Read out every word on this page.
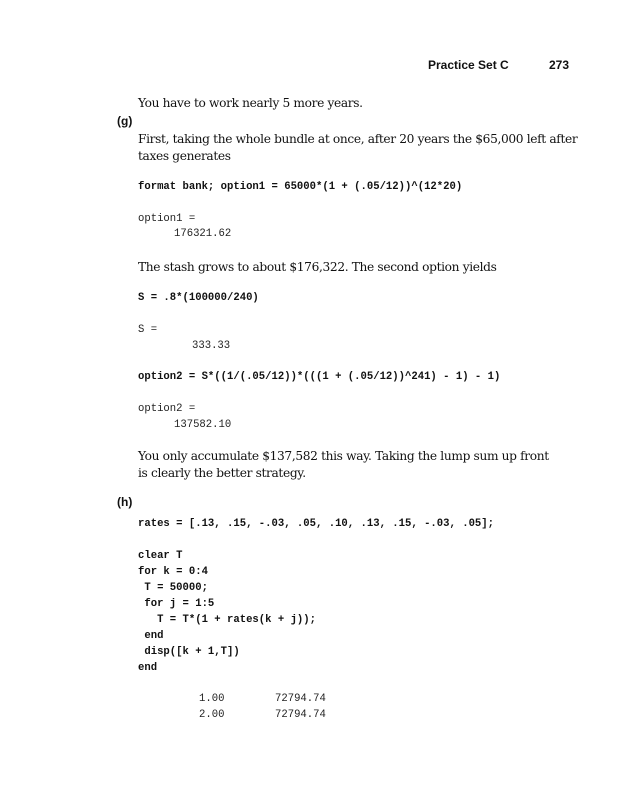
Practice Set C	273
You have to work nearly 5 more years.
(g)
First, taking the whole bundle at once, after 20 years the $65,000 left after
taxes generates
format bank; option1 = 65000*(1 + (.05/12))^(12*20)
option1 =
176321.62
The stash grows to about $176,322. The second option yields
S = .8*(100000/240)
S =
333.33
option2 = S*((1/(.05/12))*(((1 + (.05/12))^241) - 1) - 1)
option2 =
137582.10
You only accumulate $137,582 this way. Taking the lump sum up front
is clearly the better strategy.
(h)
rates = [.13, .15, -.03, .05, .10, .13, .15, -.03, .05];
clear T
for k = 0:4
T = 50000;
for j = 1:5
T = T*(1 + rates(k + j));
end
disp([k + 1,T])
end
1.00	72794.74
2.00	72794.74
